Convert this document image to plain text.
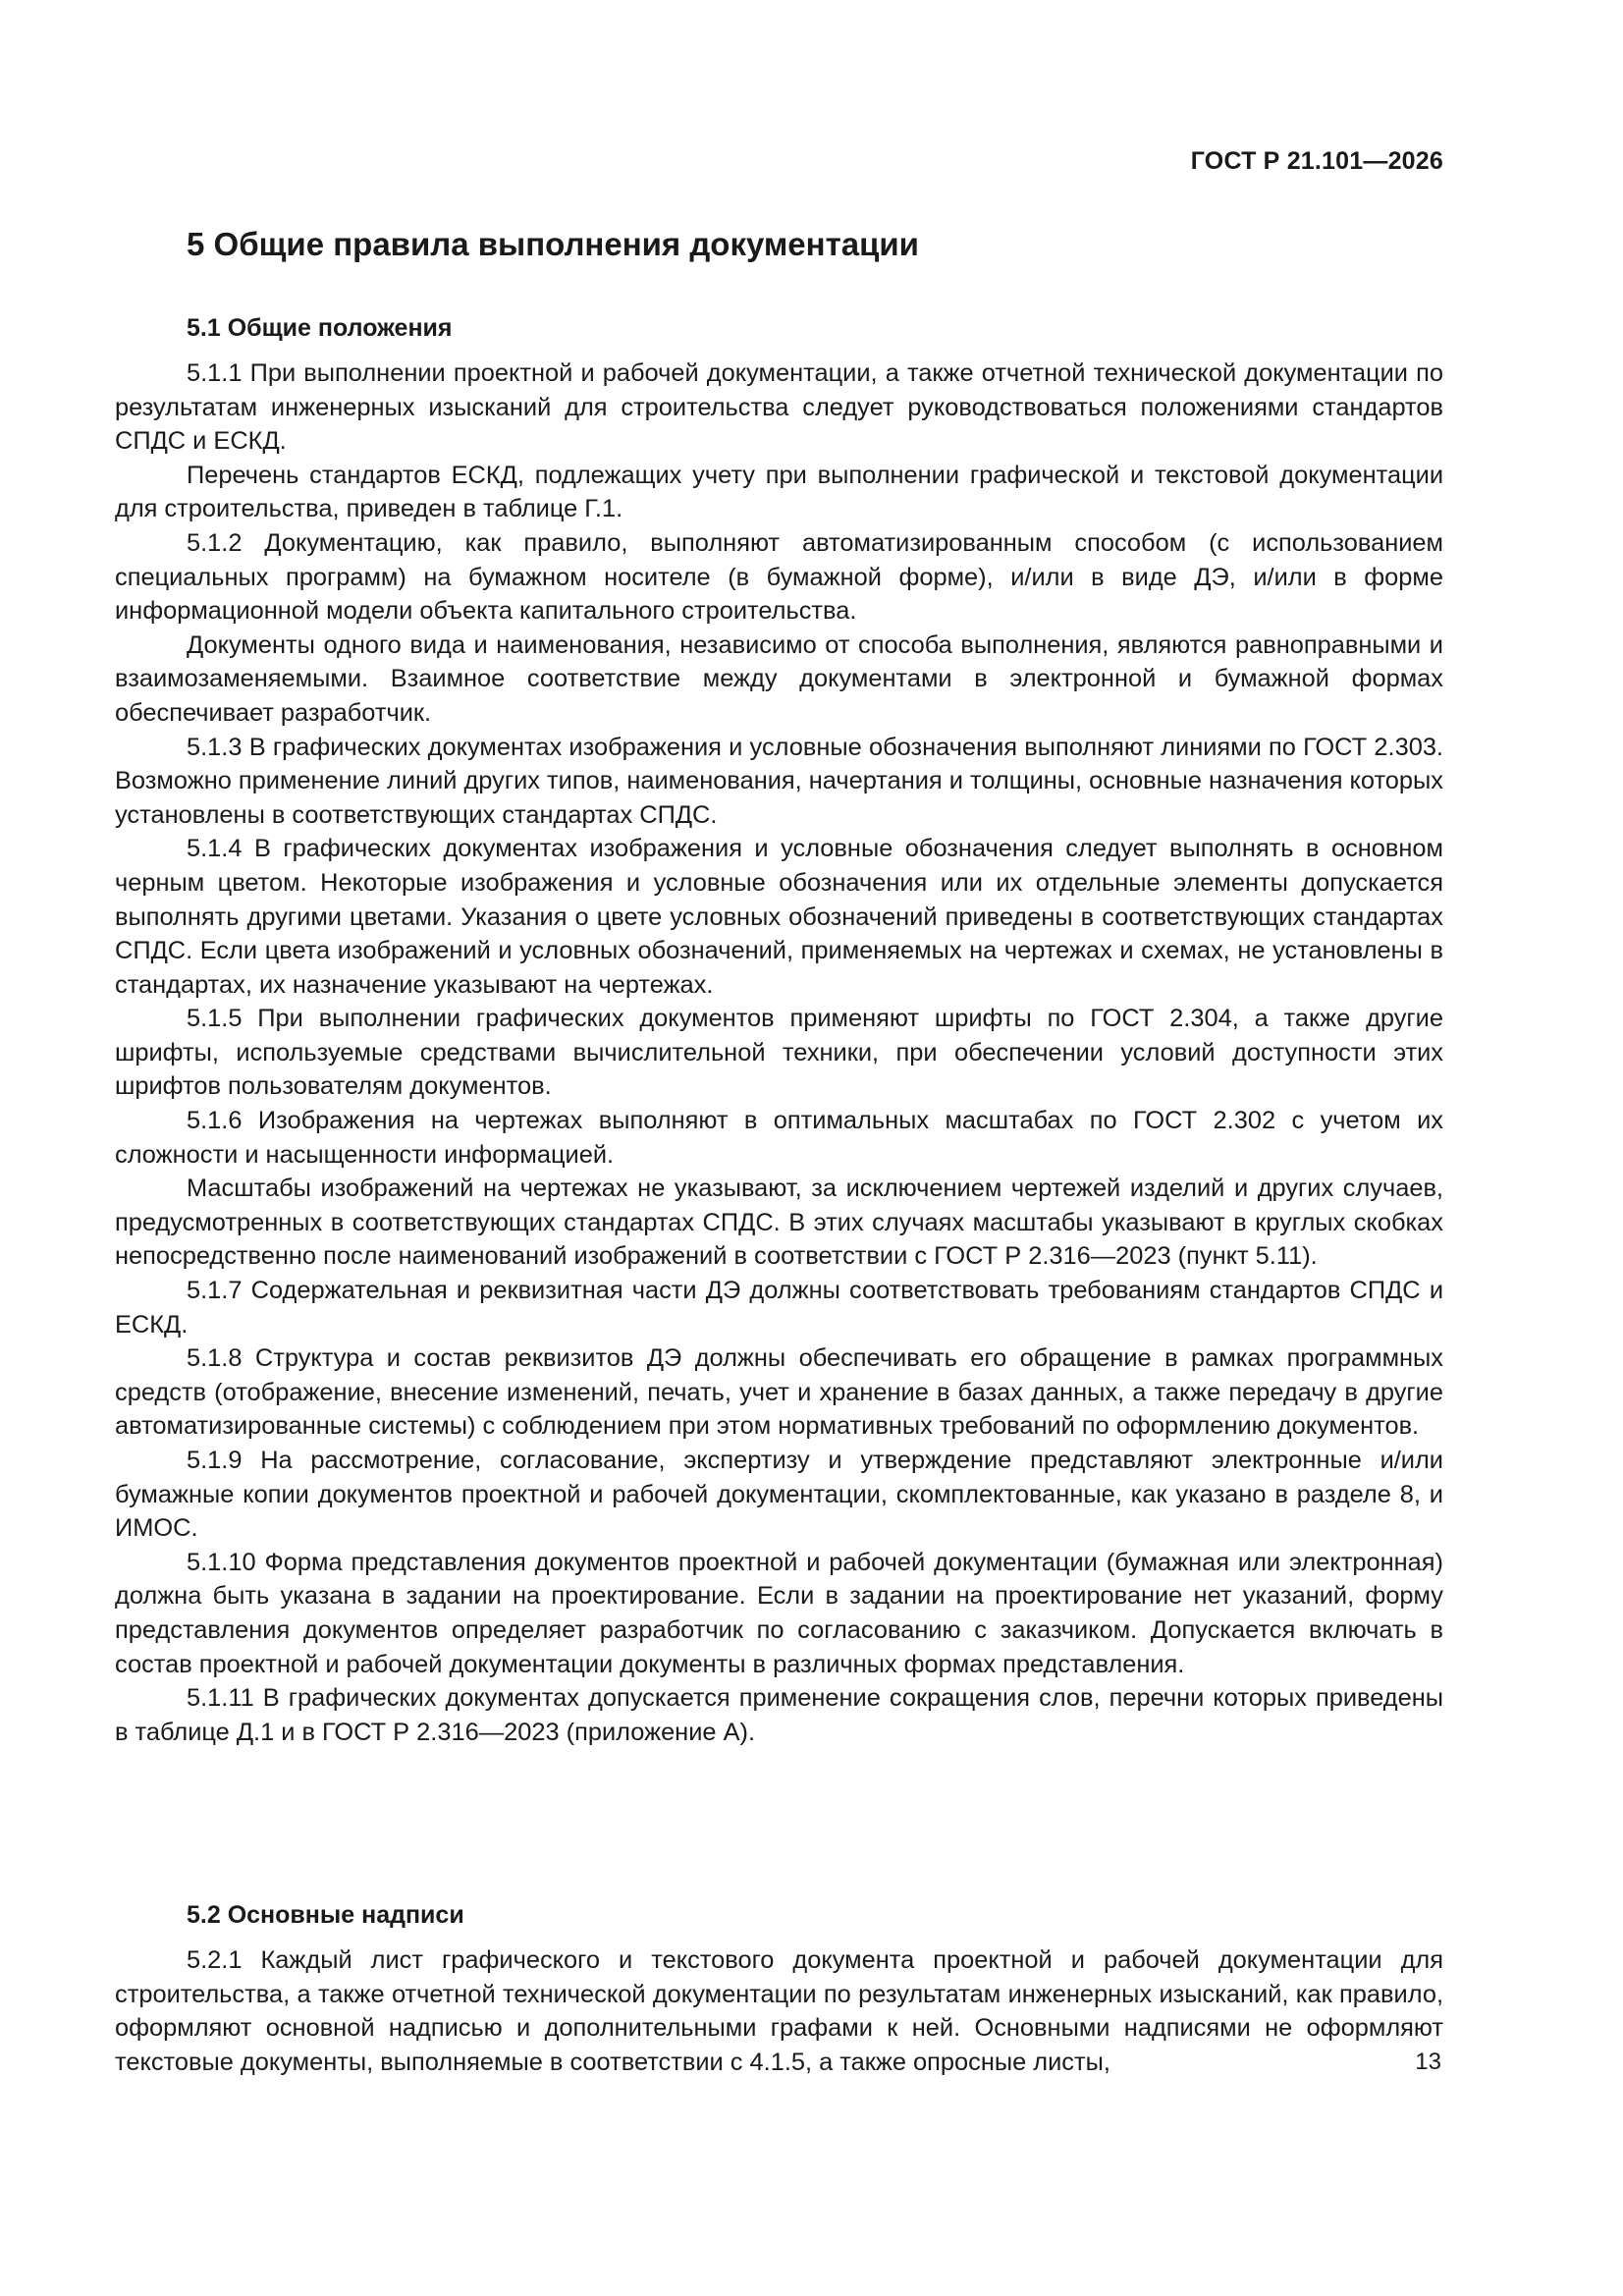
ГОСТ Р 21.101—2026
5 Общие правила выполнения документации
5.1 Общие положения

5.1.1 При выполнении проектной и рабочей документации, а также отчетной технической документации по результатам инженерных изысканий для строительства следует руководствоваться положениями стандартов СПДС и ЕСКД.

Перечень стандартов ЕСКД, подлежащих учету при выполнении графической и текстовой документации для строительства, приведен в таблице Г.1.

5.1.2 Документацию, как правило, выполняют автоматизированным способом (с использованием специальных программ) на бумажном носителе (в бумажной форме), и/или в виде ДЭ, и/или в форме информационной модели объекта капитального строительства.

Документы одного вида и наименования, независимо от способа выполнения, являются равноправными и взаимозаменяемыми. Взаимное соответствие между документами в электронной и бумажной формах обеспечивает разработчик.

5.1.3 В графических документах изображения и условные обозначения выполняют линиями по ГОСТ 2.303. Возможно применение линий других типов, наименования, начертания и толщины, основные назначения которых установлены в соответствующих стандартах СПДС.

5.1.4 В графических документах изображения и условные обозначения следует выполнять в основном черным цветом. Некоторые изображения и условные обозначения или их отдельные элементы допускается выполнять другими цветами. Указания о цвете условных обозначений приведены в соответствующих стандартах СПДС. Если цвета изображений и условных обозначений, применяемых на чертежах и схемах, не установлены в стандартах, их назначение указывают на чертежах.

5.1.5 При выполнении графических документов применяют шрифты по ГОСТ 2.304, а также другие шрифты, используемые средствами вычислительной техники, при обеспечении условий доступности этих шрифтов пользователям документов.

5.1.6 Изображения на чертежах выполняют в оптимальных масштабах по ГОСТ 2.302 с учетом их сложности и насыщенности информацией.

Масштабы изображений на чертежах не указывают, за исключением чертежей изделий и других случаев, предусмотренных в соответствующих стандартах СПДС. В этих случаях масштабы указывают в круглых скобках непосредственно после наименований изображений в соответствии с ГОСТ Р 2.316—2023 (пункт 5.11).

5.1.7 Содержательная и реквизитная части ДЭ должны соответствовать требованиям стандартов СПДС и ЕСКД.

5.1.8 Структура и состав реквизитов ДЭ должны обеспечивать его обращение в рамках программных средств (отображение, внесение изменений, печать, учет и хранение в базах данных, а также передачу в другие автоматизированные системы) с соблюдением при этом нормативных требований по оформлению документов.

5.1.9 На рассмотрение, согласование, экспертизу и утверждение представляют электронные и/или бумажные копии документов проектной и рабочей документации, скомплектованные, как указано в разделе 8, и ИМОС.

5.1.10 Форма представления документов проектной и рабочей документации (бумажная или электронная) должна быть указана в задании на проектирование. Если в задании на проектирование нет указаний, форму представления документов определяет разработчик по согласованию с заказчиком. Допускается включать в состав проектной и рабочей документации документы в различных формах представления.

5.1.11 В графических документах допускается применение сокращения слов, перечни которых приведены в таблице Д.1 и в ГОСТ Р 2.316—2023 (приложение А).

5.2 Основные надписи

5.2.1 Каждый лист графического и текстового документа проектной и рабочей документации для строительства, а также отчетной технической документации по результатам инженерных изысканий, как правило, оформляют основной надписью и дополнительными графами к ней. Основными надписями не оформляют текстовые документы, выполняемые в соответствии с 4.1.5, а также опросные листы,	13
